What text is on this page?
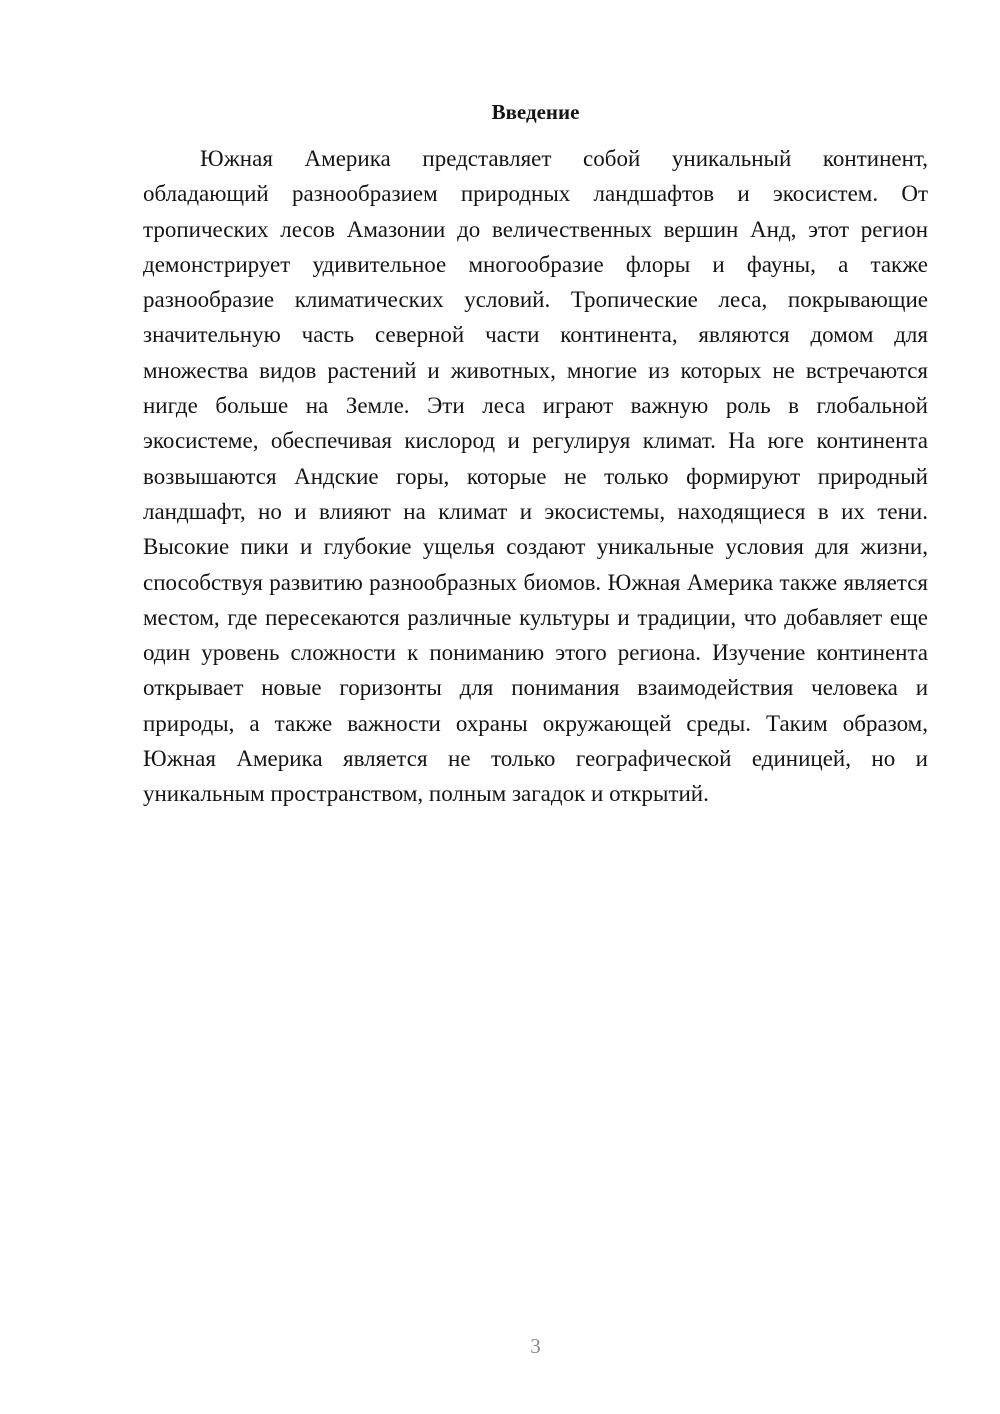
Введение

Южная Америка представляет собой уникальный континент, обладающий разнообразием природных ландшафтов и экосистем. От тропических лесов Амазонии до величественных вершин Анд, этот регион демонстрирует удивительное многообразие флоры и фауны, а также разнообразие климатических условий. Тропические леса, покрывающие значительную часть северной части континента, являются домом для множества видов растений и животных, многие из которых не встречаются нигде больше на Земле. Эти леса играют важную роль в глобальной экосистеме, обеспечивая кислород и регулируя климат. На юге континента возвышаются Андские горы, которые не только формируют природный ландшафт, но и влияют на климат и экосистемы, находящиеся в их тени. Высокие пики и глубокие ущелья создают уникальные условия для жизни, способствуя развитию разнообразных биомов. Южная Америка также является местом, где пересекаются различные культуры и традиции, что добавляет еще один уровень сложности к пониманию этого региона. Изучение континента открывает новые горизонты для понимания взаимодействия человека и природы, а также важности охраны окружающей среды. Таким образом, Южная Америка является не только географической единицей, но и уникальным пространством, полным загадок и открытий.

3
